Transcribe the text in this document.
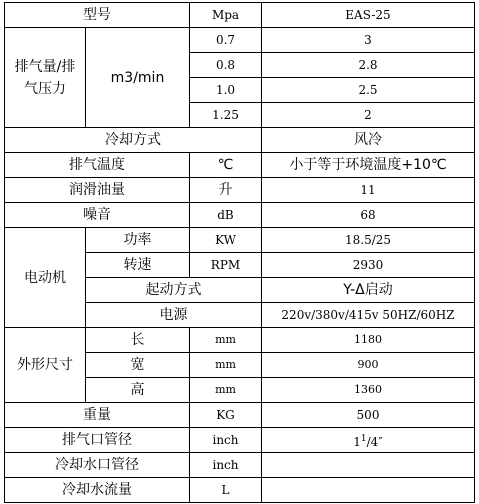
型号		Mpa	EAS-25
排气量/排气压力	m3/min	0.7	3
		0.8	2.8
		1.0	2.5
		1.25	2
冷却方式			风冷
排气温度		℃	小于等于环境温度+10℃
润滑油量		升	11
噪音		dB	68
电动机	功率	KW	18.5/25
	转速	RPM	2930
	起动方式		Y-Δ启动
	电源		220v/380v/415v 50HZ/60HZ
外形尺寸	长	mm	1180
	宽	mm	900
	高	mm	1360
重量		KG	500
排气口管径		inch	$1^1/4''$
冷却水口管径		inch	
冷却水流量		L	
